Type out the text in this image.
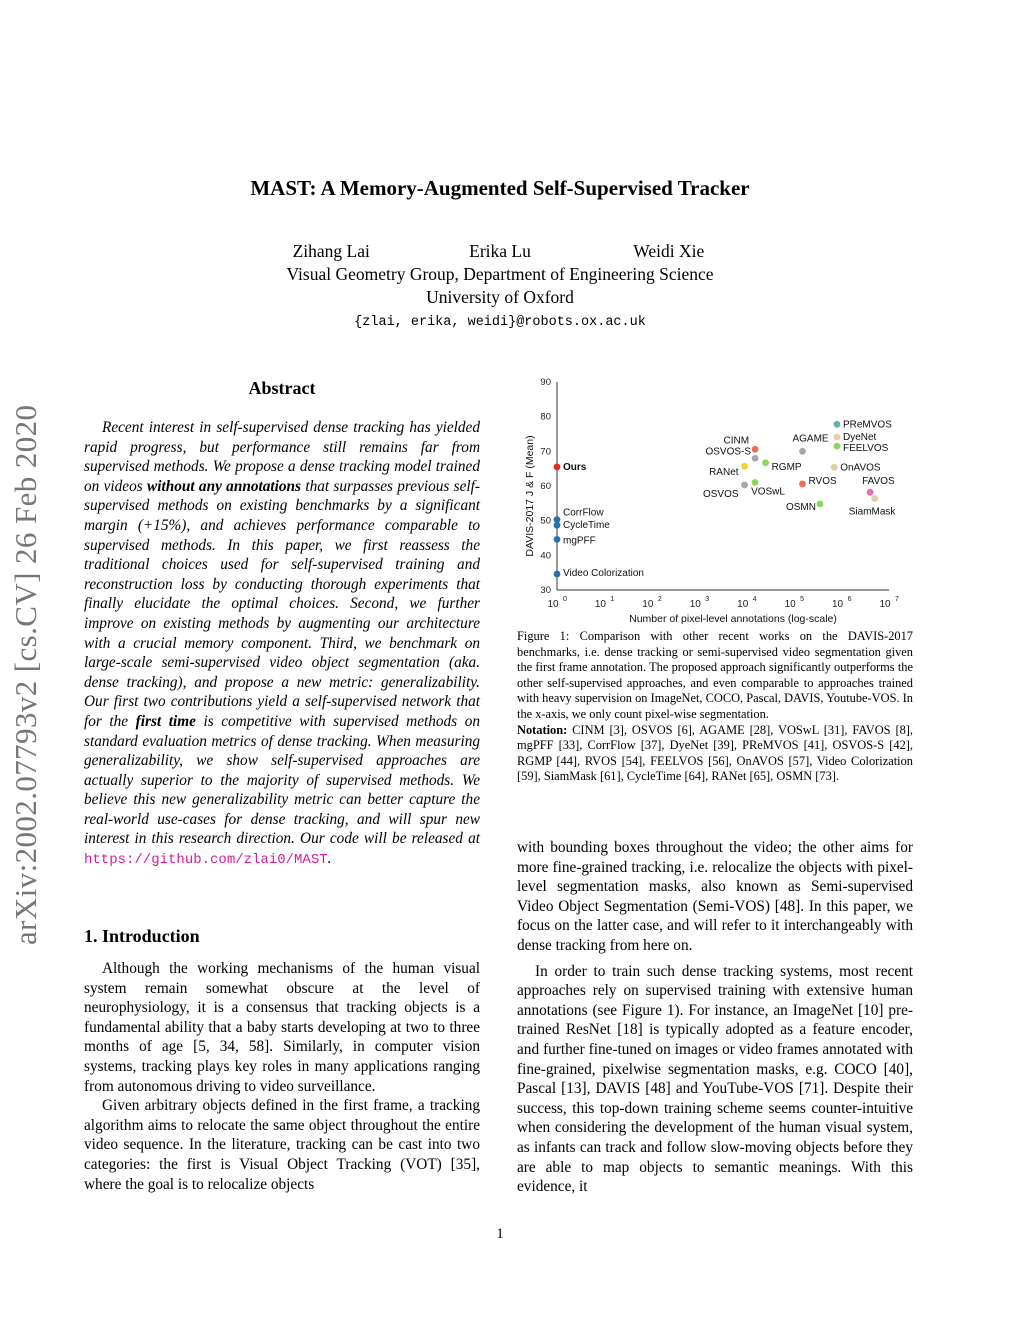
arXiv:2002.07793v2 [cs.CV] 26 Feb 2020
MAST: A Memory-Augmented Self-Supervised Tracker
Zihang Lai	Erika Lu	Weidi Xie
Visual Geometry Group, Department of Engineering Science
University of Oxford
{zlai, erika, weidi}@robots.ox.ac.uk
Abstract

Recent interest in self-supervised dense tracking has yielded rapid progress, but performance still remains far from supervised methods. We propose a dense tracking model trained on videos without any annotations that surpasses previous self-supervised methods on existing benchmarks by a significant margin (+15%), and achieves performance comparable to supervised methods. In this paper, we first reassess the traditional choices used for self-supervised training and reconstruction loss by conducting thorough experiments that finally elucidate the optimal choices. Second, we further improve on existing methods by augmenting our architecture with a crucial memory component. Third, we benchmark on large-scale semi-supervised video object segmentation (aka. dense tracking), and propose a new metric: generalizability. Our first two contributions yield a self-supervised network that for the first time is competitive with supervised methods on standard evaluation metrics of dense tracking. When measuring generalizability, we show self-supervised approaches are actually superior to the majority of supervised methods. We believe this new generalizability metric can better capture the real-world use-cases for dense tracking, and will spur new interest in this research direction. Our code will be released at https://github.com/zlai0/MAST.

1. Introduction

Although the working mechanisms of the human visual system remain somewhat obscure at the level of neurophysiology, it is a consensus that tracking objects is a fundamental ability that a baby starts developing at two to three months of age [5, 34, 58]. Similarly, in computer vision systems, tracking plays key roles in many applications ranging from autonomous driving to video surveillance.

Given arbitrary objects defined in the first frame, a tracking algorithm aims to relocate the same object throughout the entire video sequence. In the literature, tracking can be cast into two categories: the first is Visual Object Tracking (VOT) [35], where the goal is to relocalize objects

30
40
50
60
70
80
90
10 0	10 1	10 2	10 3	10 4	10 5	10 6	10 7
Number of pixel-level annotations (log-scale)
DAVIS-2017 J & F (Mean)	Ours
CorrFlow
CycleTime
mgPFF
Video Colorization
CINM	AGAME
OSVOS-S
RANet	RGMP
OSVOS VOSwL
RVOS
OSMN
PReMVOS
DyeNet
FEELVOS
OnAVOS
FAVOS
SiamMask

Figure 1: Comparison with other recent works on the DAVIS-2017 benchmarks, i.e. dense tracking or semi-supervised video segmentation given the first frame annotation. The proposed approach significantly outperforms the other self-supervised approaches, and even comparable to approaches trained with heavy supervision on ImageNet, COCO, Pascal, DAVIS, Youtube-VOS. In the x-axis, we only count pixel-wise segmentation.

Notation: CINM [3], OSVOS [6], AGAME [28], VOSwL [31], FAVOS [8], mgPFF [33], CorrFlow [37], DyeNet [39], PReMVOS [41], OSVOS-S [42], RGMP [44], RVOS [54], FEELVOS [56], OnAVOS [57], Video Colorization [59], SiamMask [61], CycleTime [64], RANet [65], OSMN [73].

with bounding boxes throughout the video; the other aims for more fine-grained tracking, i.e. relocalize the objects with pixel-level segmentation masks, also known as Semi-supervised Video Object Segmentation (Semi-VOS) [48]. In this paper, we focus on the latter case, and will refer to it interchangeably with dense tracking from here on.

In order to train such dense tracking systems, most recent approaches rely on supervised training with extensive human annotations (see Figure 1). For instance, an ImageNet [10] pre-trained ResNet [18] is typically adopted as a feature encoder, and further fine-tuned on images or video frames annotated with fine-grained, pixelwise segmentation masks, e.g. COCO [40], Pascal [13], DAVIS [48] and YouTube-VOS [71]. Despite their success, this top-down training scheme seems counter-intuitive when considering the development of the human visual system, as infants can track and follow slow-moving objects before they are able to map objects to semantic meanings. With this evidence, it

1
